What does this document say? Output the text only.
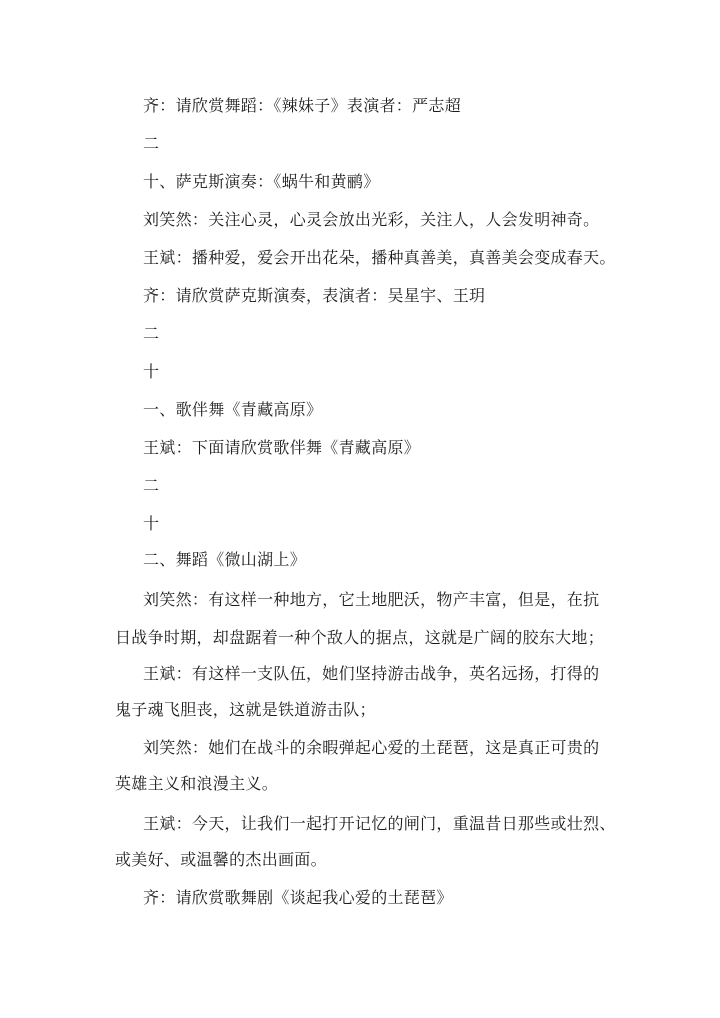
齐：请欣赏舞蹈：《辣妹子》表演者：严志超
二
十、萨克斯演奏：《蜗牛和黄鹂》
刘笑然：关注心灵，心灵会放出光彩，关注人，人会发明神奇。
王斌：播种爱，爱会开出花朵，播种真善美，真善美会变成春天。
齐：请欣赏萨克斯演奏，表演者：吴星宇、王玥
二
十
一、歌伴舞《青藏高原》
王斌：下面请欣赏歌伴舞《青藏高原》
二
十
二、舞蹈《微山湖上》
刘笑然：有这样一种地方，它土地肥沃，物产丰富，但是，在抗
日战争时期，却盘踞着一种个敌人的据点，这就是广阔的胶东大地；
王斌：有这样一支队伍，她们坚持游击战争，英名远扬，打得的
鬼子魂飞胆丧，这就是铁道游击队；
刘笑然：她们在战斗的余暇弹起心爱的土琵琶，这是真正可贵的
英雄主义和浪漫主义。
王斌：今天，让我们一起打开记忆的闸门，重温昔日那些或壮烈、
或美好、或温馨的杰出画面。
齐：请欣赏歌舞剧《谈起我心爱的土琵琶》
